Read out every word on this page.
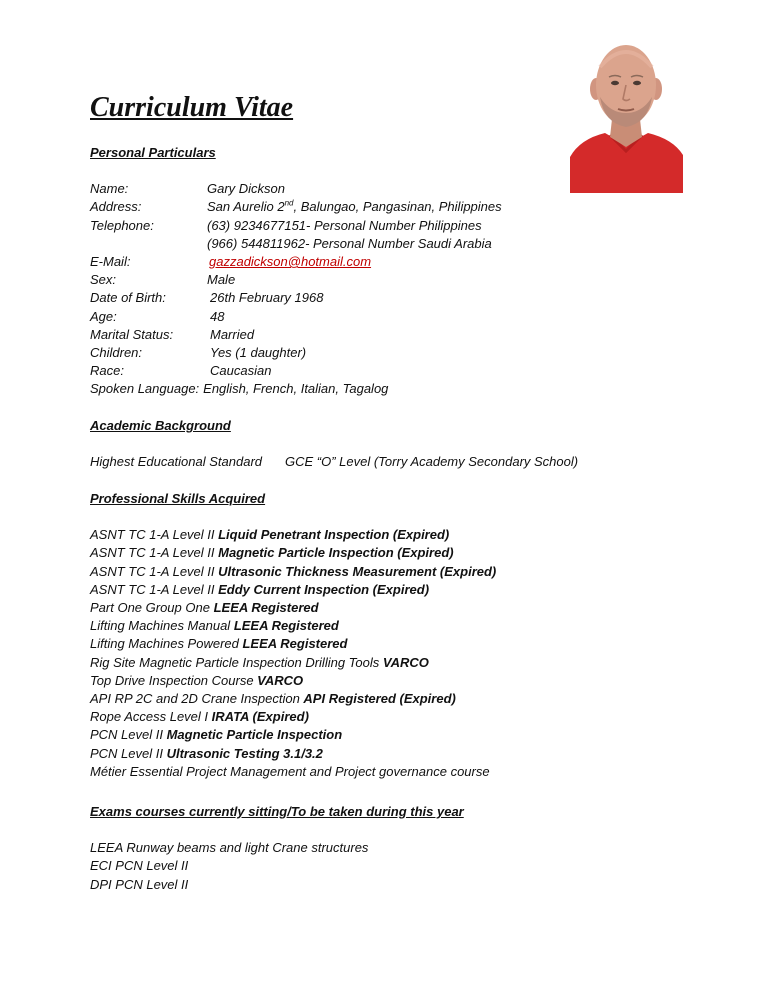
Curriculum Vitae
Personal Particulars
Name:	Gary Dickson
Address:	San Aurelio 2nd, Balungao, Pangasinan, Philippines
Telephone:	(63) 9234677151- Personal Number Philippines
(966) 544811962- Personal Number Saudi Arabia
E-Mail:	gazzadickson@hotmail.com
Sex:	Male
Date of Birth:	26th February 1968
Age:	48
Marital Status:	Married
Children:	Yes (1 daughter)
Race:	Caucasian
Spoken Language: English, French, Italian, Tagalog
Academic Background
Highest Educational Standard GCE “O” Level (Torry Academy Secondary School)
Professional Skills Acquired
ASNT TC 1-A Level II Liquid Penetrant Inspection (Expired)
ASNT TC 1-A Level II Magnetic Particle Inspection (Expired)
ASNT TC 1-A Level II Ultrasonic Thickness Measurement (Expired)
ASNT TC 1-A Level II Eddy Current Inspection (Expired)
Part One Group One LEEA Registered
Lifting Machines Manual LEEA Registered
Lifting Machines Powered LEEA Registered
Rig Site Magnetic Particle Inspection Drilling Tools VARCO
Top Drive Inspection Course VARCO
API RP 2C and 2D Crane Inspection API Registered (Expired)
Rope Access Level I IRATA (Expired)
PCN Level II Magnetic Particle Inspection
PCN Level II Ultrasonic Testing 3.1/3.2
Métier Essential Project Management and Project governance course
Exams courses currently sitting/To be taken during this year
LEEA Runway beams and light Crane structures
ECI PCN Level II
DPI PCN Level II
